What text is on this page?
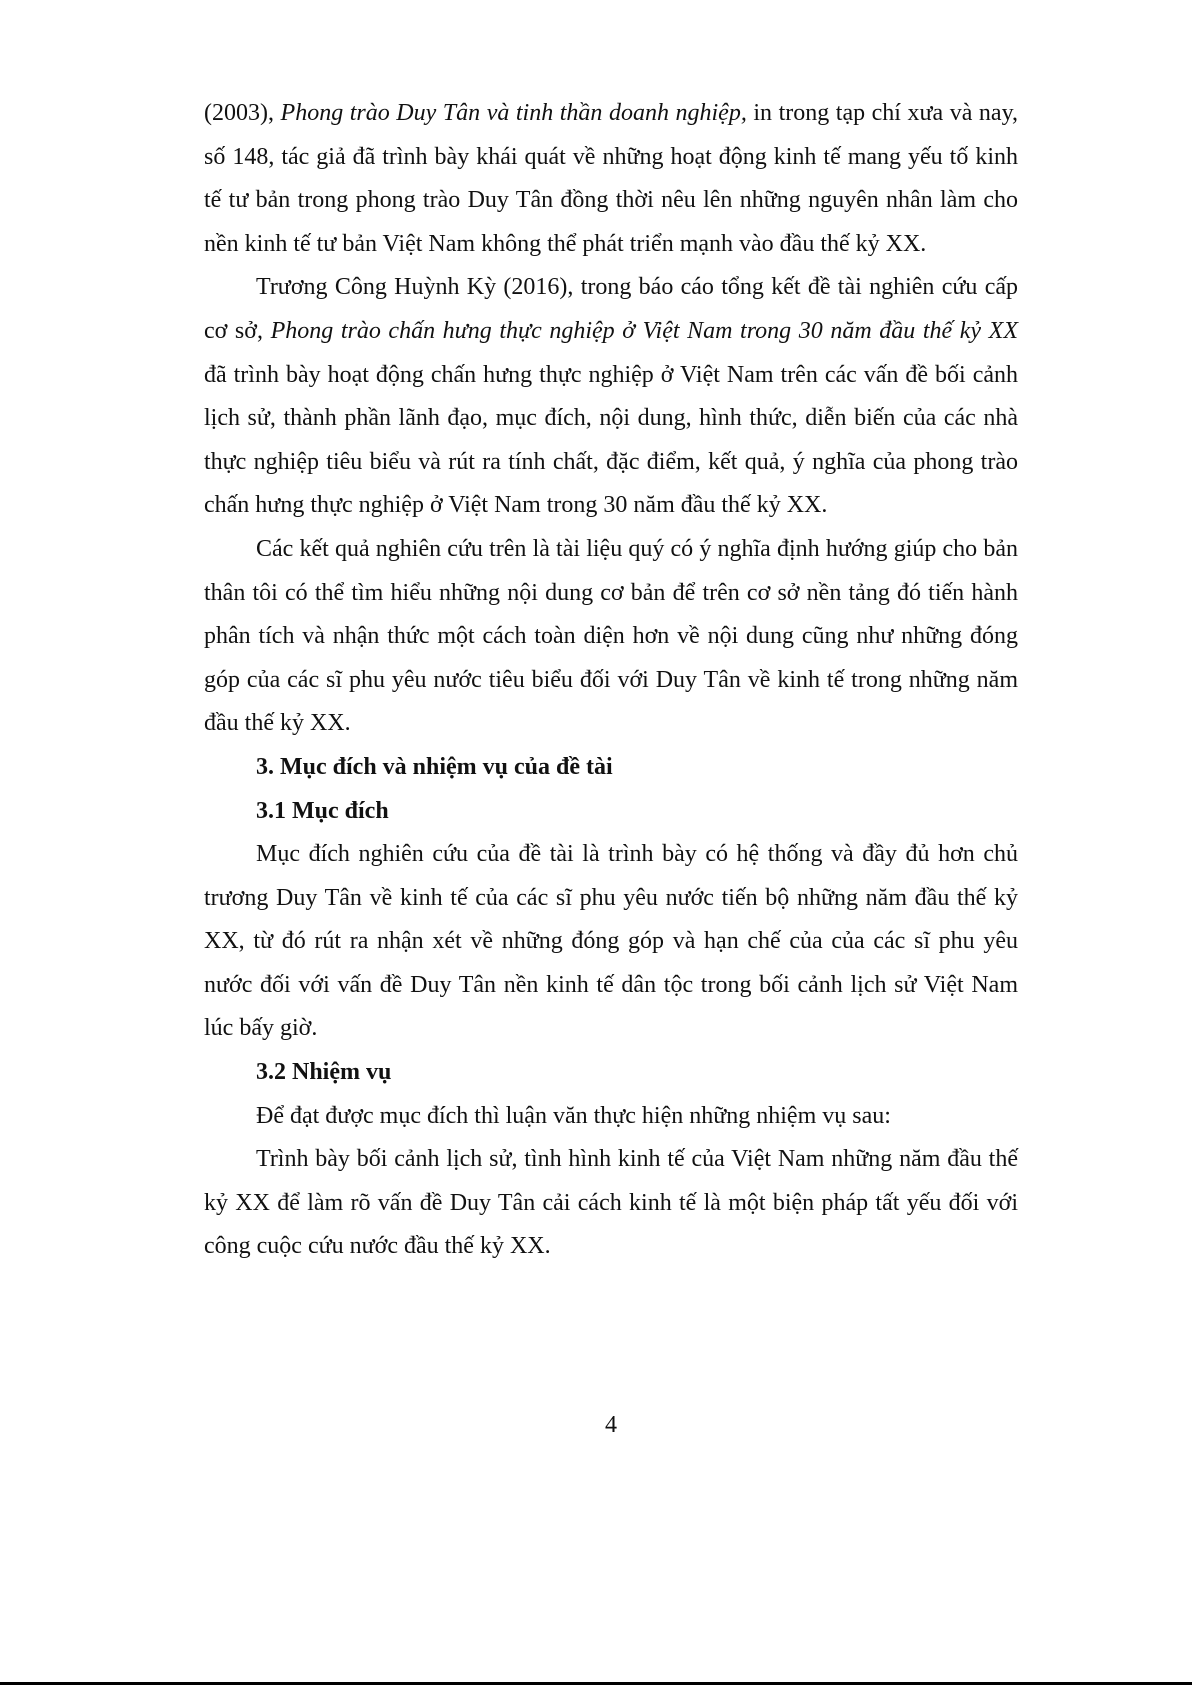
(2003), Phong trào Duy Tân và tinh thần doanh nghiệp, in trong tạp chí xưa và nay, số 148, tác giả đã trình bày khái quát về những hoạt động kinh tế mang yếu tố kinh tế tư bản trong phong trào Duy Tân đồng thời nêu lên những nguyên nhân làm cho nền kinh tế tư bản Việt Nam không thể phát triển mạnh vào đầu thế kỷ XX.

Trương Công Huỳnh Kỳ (2016), trong báo cáo tổng kết đề tài nghiên cứu cấp cơ sở, Phong trào chấn hưng thực nghiệp ở Việt Nam trong 30 năm đầu thế kỷ XX đã trình bày hoạt động chấn hưng thực nghiệp ở Việt Nam trên các vấn đề bối cảnh lịch sử, thành phần lãnh đạo, mục đích, nội dung, hình thức, diễn biến của các nhà thực nghiệp tiêu biểu và rút ra tính chất, đặc điểm, kết quả, ý nghĩa của phong trào chấn hưng thực nghiệp ở Việt Nam trong 30 năm đầu thế kỷ XX.

Các kết quả nghiên cứu trên là tài liệu quý có ý nghĩa định hướng giúp cho bản thân tôi có thể tìm hiểu những nội dung cơ bản để trên cơ sở nền tảng đó tiến hành phân tích và nhận thức một cách toàn diện hơn về nội dung cũng như những đóng góp của các sĩ phu yêu nước tiêu biểu đối với Duy Tân về kinh tế trong những năm đầu thế kỷ XX.

3. Mục đích và nhiệm vụ của đề tài
3.1 Mục đích

Mục đích nghiên cứu của đề tài là trình bày có hệ thống và đầy đủ hơn chủ trương Duy Tân về kinh tế của các sĩ phu yêu nước tiến bộ những năm đầu thế kỷ XX, từ đó rút ra nhận xét về những đóng góp và hạn chế của của các sĩ phu yêu nước đối với vấn đề Duy Tân nền kinh tế dân tộc trong bối cảnh lịch sử Việt Nam lúc bấy giờ.

3.2 Nhiệm vụ

Để đạt được mục đích thì luận văn thực hiện những nhiệm vụ sau:

Trình bày bối cảnh lịch sử, tình hình kinh tế của Việt Nam những năm đầu thế kỷ XX để làm rõ vấn đề Duy Tân cải cách kinh tế là một biện pháp tất yếu đối với công cuộc cứu nước đầu thế kỷ XX.

4
